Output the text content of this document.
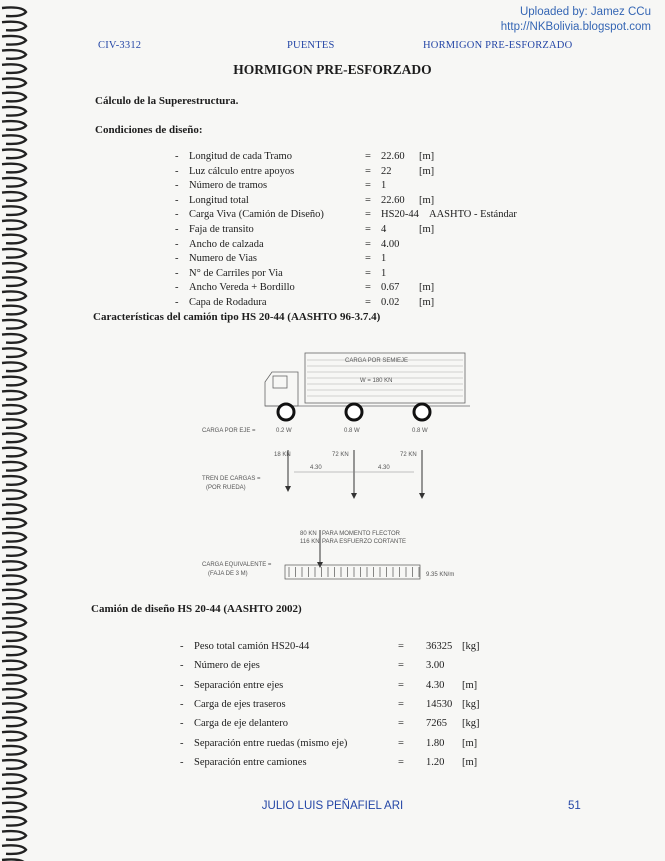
Uploaded by: Jamez CCu
http://NKBolivia.blogspot.com
CIV-3312	PUENTES	HORMIGON PRE-ESFORZADO
HORMIGON PRE-ESFORZADO
Cálculo de la Superestructura.
Condiciones de diseño:
- Longitud de cada Tramo	= 22.60 [m]
- Luz cálculo entre apoyos	= 22	[m]
- Número de tramos	= 1
- Longitud total	= 22.60 [m]
- Carga Viva (Camión de Diseño)	= HS20-44 AASHTO - Estándar
- Faja de transito	= 4	[m]
- Ancho de calzada	= 4.00
- Numero de Vias	= 1
- N° de Carriles por Via	= 1
- Ancho Vereda + Bordillo	= 0.67 [m]
- Capa de Rodadura	= 0.02 [m]
Características del camión tipo HS 20-44 (AASHTO 96-3.7.4)
CARGA POR SEMIEJE
W = 180 KN
CARGA POR EJE =	0.2 W	0.8 W	0.8 W
18 KN	72 KN	72 KN
4.30	4.30
TREN DE CARGAS =
(POR RUEDA)
80 KN
116 KN
PARA MOMENTO FLECTOR
PARA ESFUERZO CORTANTE
CARGA EQUIVALENTE =
(FAJA DE 3 M)	9.35 KN/m
Camión de diseño HS 20-44 (AASHTO 2002)
- Peso total camión HS20-44	= 36325 [kg]
- Número de ejes	= 3.00
- Separación entre ejes	= 4.30 [m]
- Carga de ejes traseros	= 14530 [kg]
- Carga de eje delantero	= 7265 [kg]
- Separación entre ruedas (mismo eje)	= 1.80 [m]
- Separación entre camiones	= 1.20 [m]
JULIO LUIS PEÑAFIEL ARI	51
